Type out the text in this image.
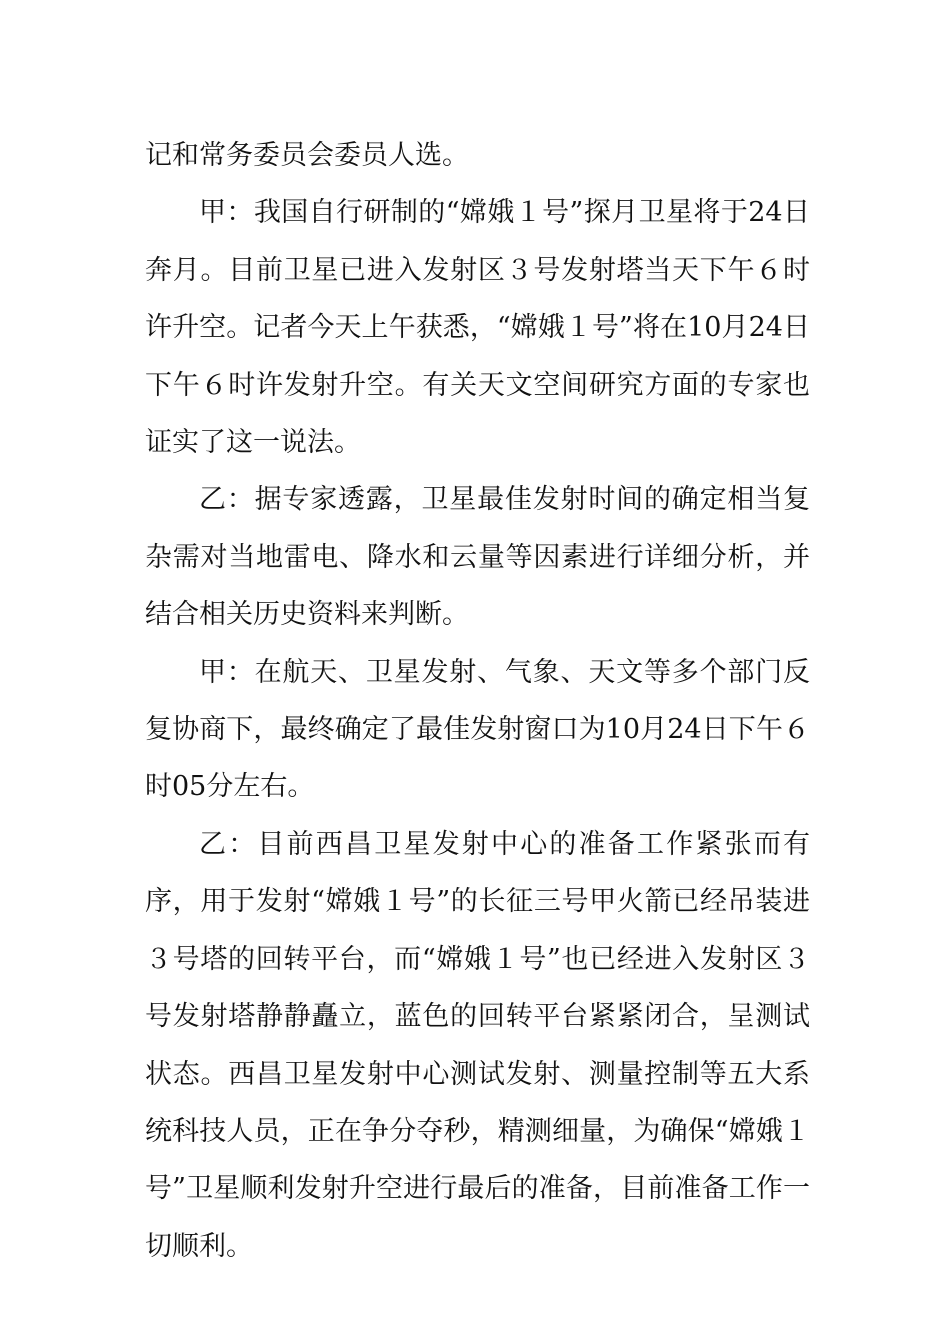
记和常务委员会委员人选。

甲：我国自行研制的“嫦娥１号”探月卫星将于24日奔月。目前卫星已进入发射区３号发射塔当天下午６时许升空。记者今天上午获悉，“嫦娥１号”将在10月24日下午６时许发射升空。有关天文空间研究方面的专家也证实了这一说法。

乙：据专家透露，卫星最佳发射时间的确定相当复杂需对当地雷电、降水和云量等因素进行详细分析，并结合相关历史资料来判断。

甲：在航天、卫星发射、气象、天文等多个部门反复协商下，最终确定了最佳发射窗口为10月24日下午６时05分左右。

乙：目前西昌卫星发射中心的准备工作紧张而有序，用于发射“嫦娥１号”的长征三号甲火箭已经吊装进３号塔的回转平台，而“嫦娥１号”也已经进入发射区３号发射塔静静矗立，蓝色的回转平台紧紧闭合，呈测试状态。西昌卫星发射中心测试发射、测量控制等五大系统科技人员，正在争分夺秒，精测细量，为确保“嫦娥１号”卫星顺利发射升空进行最后的准备，目前准备工作一切顺利。
